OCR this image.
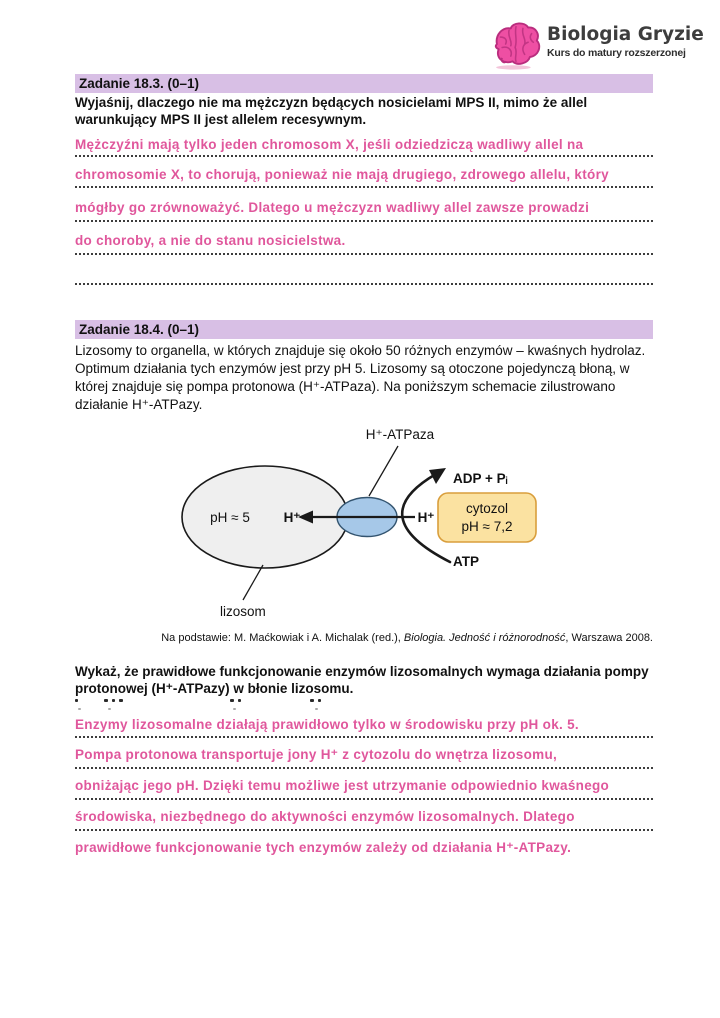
Biologia Gryzie
Kurs do matury rozszerzonej
Zadanie 18.3. (0–1)
Wyjaśnij, dlaczego nie ma mężczyzn będących nosicielami MPS II, mimo że allel warunkujący MPS II jest allelem recesywnym.
Mężczyźni mają tylko jeden chromosom X, jeśli odziedziczą wadliwy allel na
chromosomie X, to chorują, ponieważ nie mają drugiego, zdrowego allelu, który
mógłby go zrównoważyć. Dlatego u mężczyzn wadliwy allel zawsze prowadzi
do choroby, a nie do stanu nosicielstwa.
Zadanie 18.4. (0–1)
Lizosomy to organella, w których znajduje się około 50 różnych enzymów – kwaśnych hydrolaz. Optimum działania tych enzymów jest przy pH 5. Lizosomy są otoczone pojedynczą błoną, w której znajduje się pompa protonowa (H⁺-ATPaza). Na poniższym schemacie zilustrowano działanie H⁺-ATPazy.
H⁺-ATPaza
pH ≈ 5 H⁺	H⁺
ADP + Pᵢ
ATP
cytozol
pH ≈ 7,2
lizosom
Na podstawie: M. Maćkowiak i A. Michalak (red.), Biologia. Jedność i różnorodność, Warszawa 2008.
Wykaż, że prawidłowe funkcjonowanie enzymów lizosomalnych wymaga działania pompy protonowej (H⁺-ATPazy) w błonie lizosomu.
Enzymy lizosomalne działają prawidłowo tylko w środowisku przy pH ok. 5.
Pompa protonowa transportuje jony H⁺ z cytozolu do wnętrza lizosomu,
obniżając jego pH. Dzięki temu możliwe jest utrzymanie odpowiednio kwaśnego
środowiska, niezbędnego do aktywności enzymów lizosomalnych. Dlatego
prawidłowe funkcjonowanie tych enzymów zależy od działania H⁺-ATPazy.
